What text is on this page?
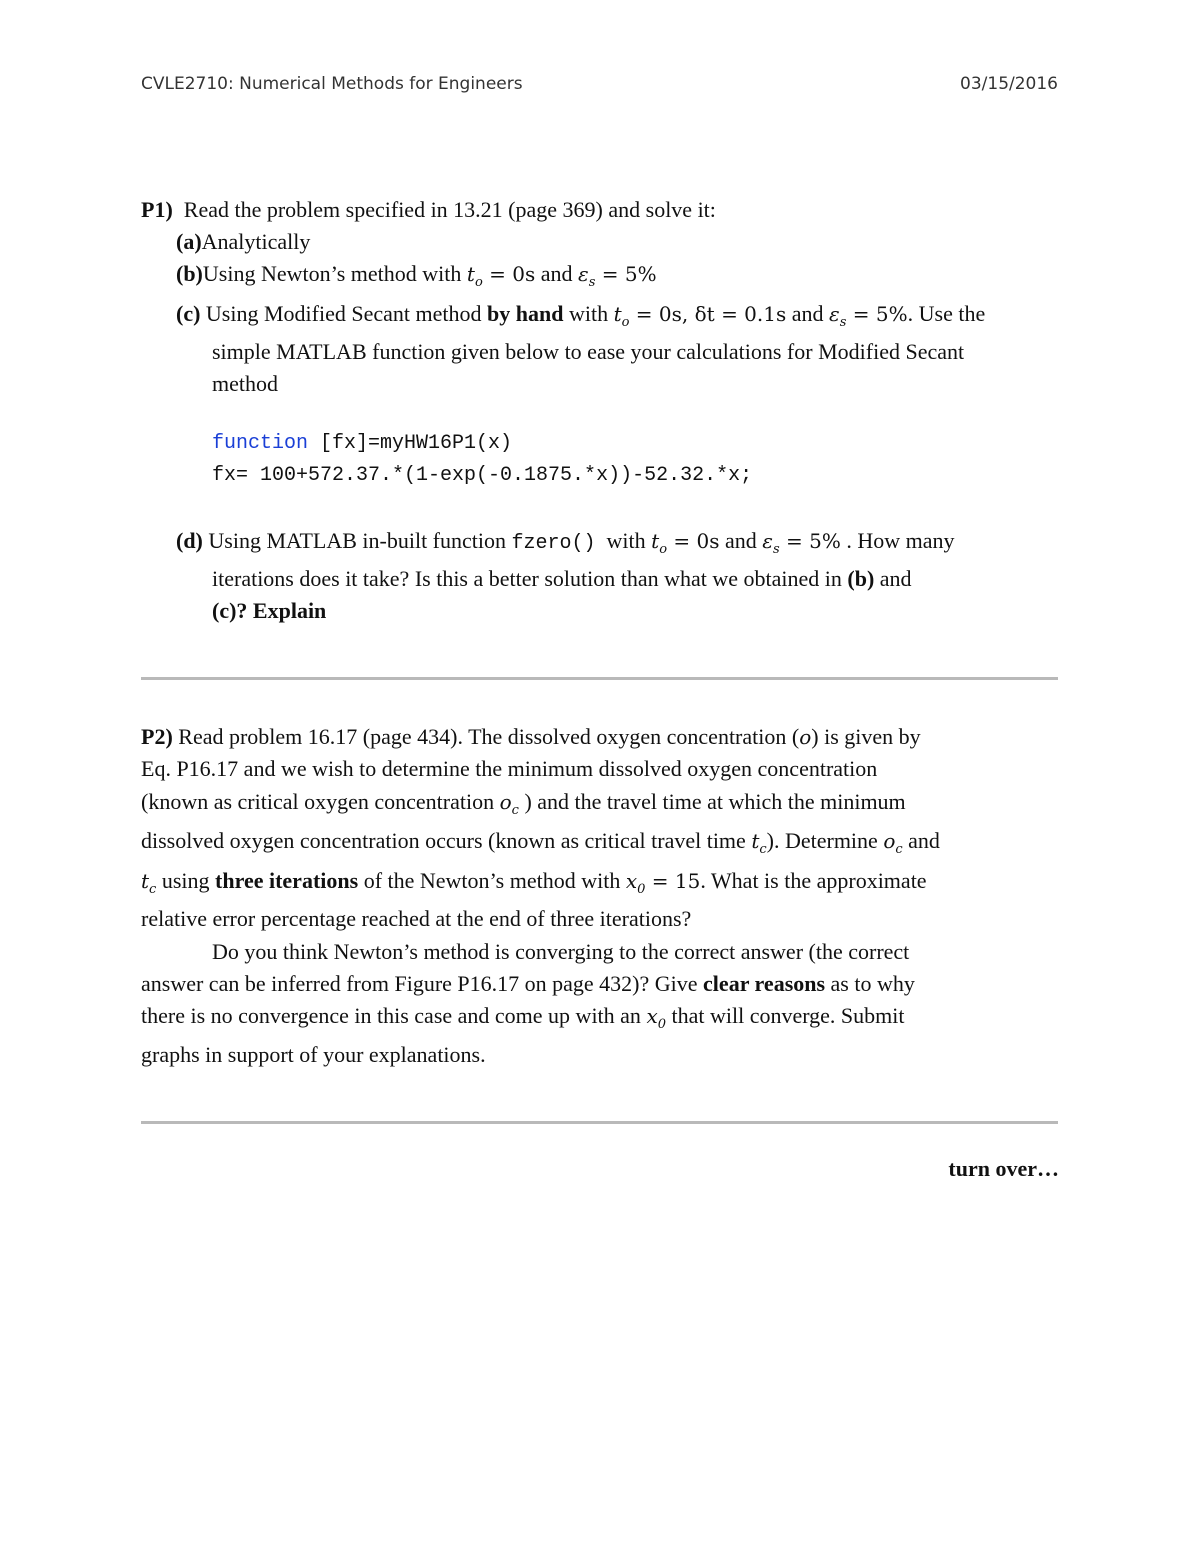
CVLE2710: Numerical Methods for Engineers	03/15/2016
P1) Read the problem specified in 13.21 (page 369) and solve it:
(a)Analytically
(b)Using Newton’s method with $t_o = 0s$ and $\varepsilon_s = 5\%$
(c) Using Modified Secant method by hand with $t_o = 0s$, δt = 0.1s and $\varepsilon_s = 5\%$. Use the
simple MATLAB function given below to ease your calculations for Modified Secant
method
function [fx]=myHW16P1(x)
fx= 100+572.37.*(1-exp(-0.1875.*x))-52.32.*x;
(d) Using MATLAB in-built function fzero() with $t_o = 0s$ and $\varepsilon_s = 5\%$ . How many
iterations does it take? Is this a better solution than what we obtained in (b) and
(c)? Explain
P2) Read problem 16.17 (page 434). The dissolved oxygen concentration (o) is given by
Eq. P16.17 and we wish to determine the minimum dissolved oxygen concentration
(known as critical oxygen concentration $o_c$ ) and the travel time at which the minimum
dissolved oxygen concentration occurs (known as critical travel time $t_c$). Determine $o_c$ and
$t_c$ using three iterations of the Newton’s method with $x_0 = 15$. What is the approximate
relative error percentage reached at the end of three iterations?
Do you think Newton’s method is converging to the correct answer (the correct
answer can be inferred from Figure P16.17 on page 432)? Give clear reasons as to why
there is no convergence in this case and come up with an $x_0$ that will converge. Submit
graphs in support of your explanations.
turn over…
